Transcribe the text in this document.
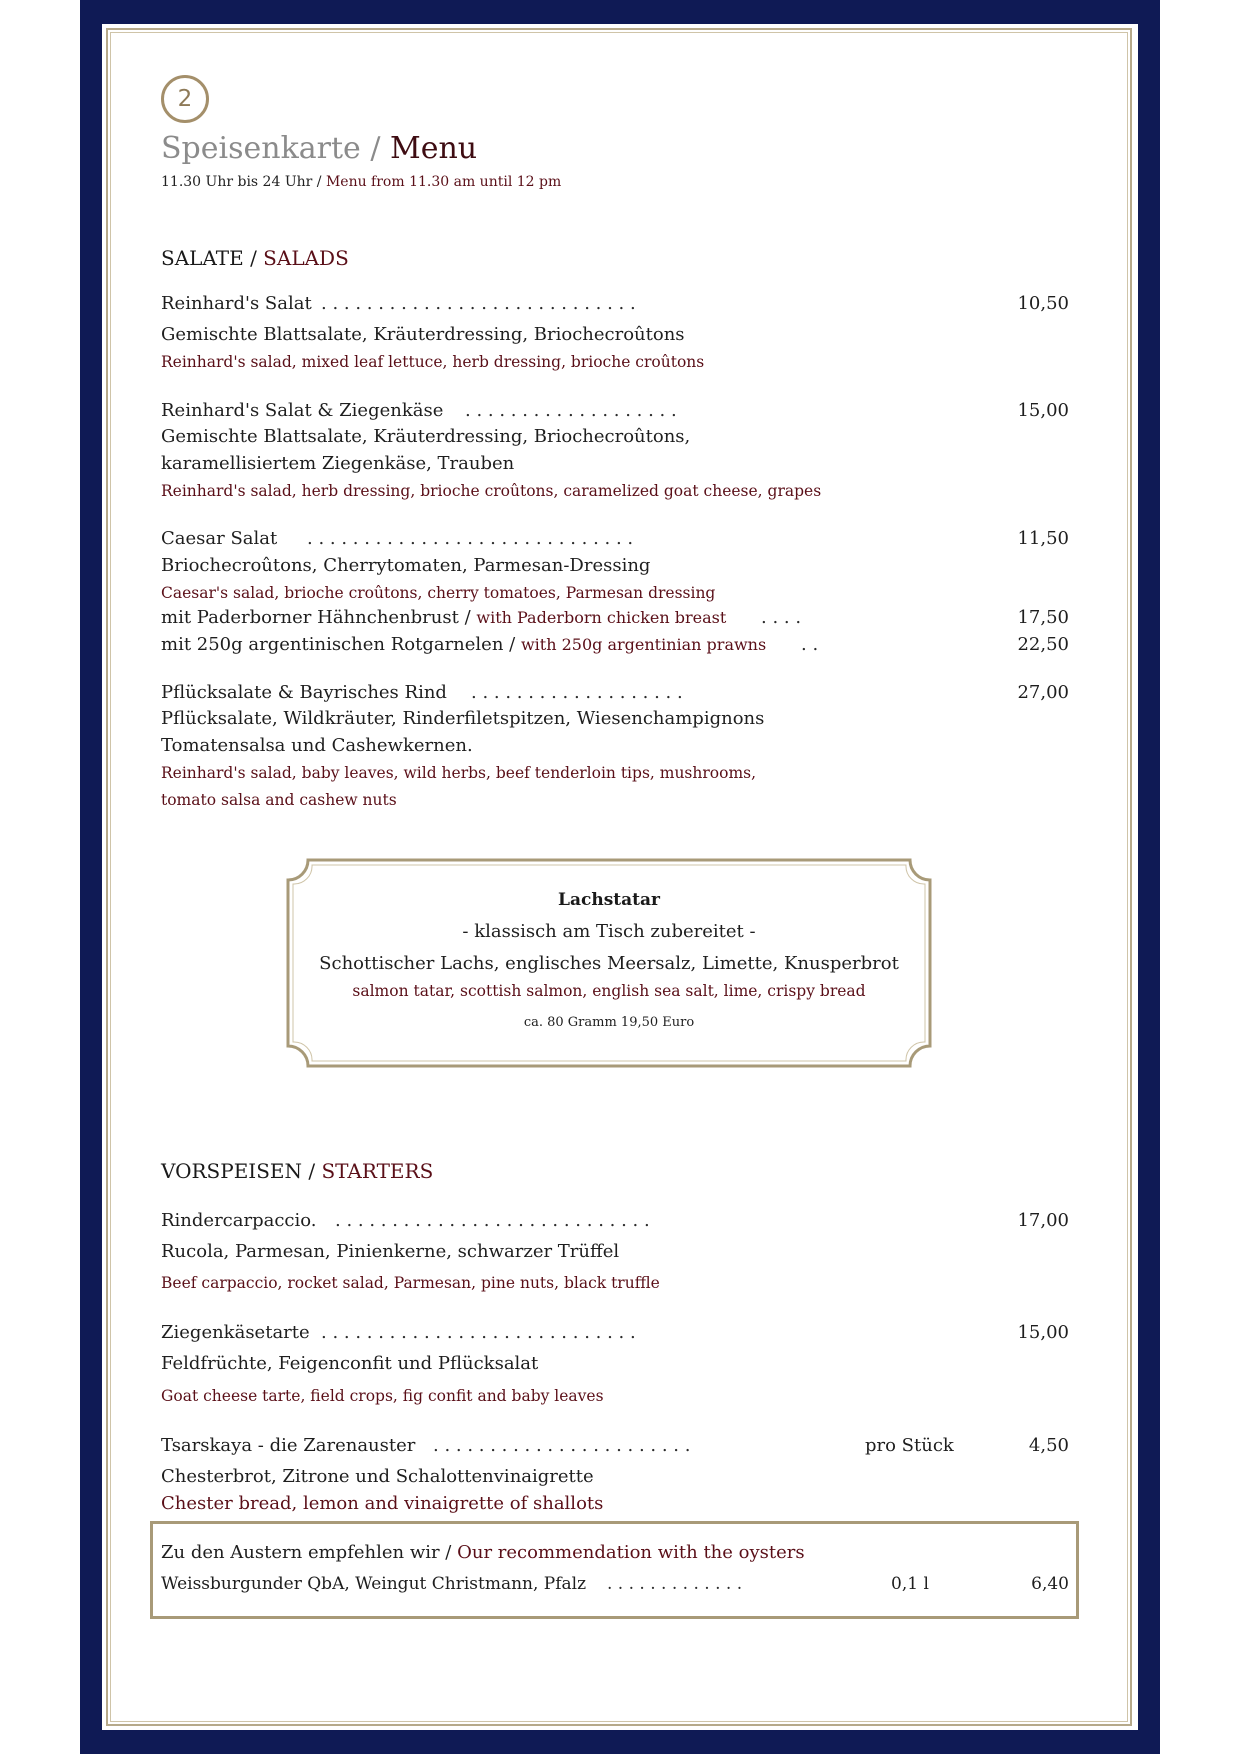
2
Speisenkarte / Menu
11.30 Uhr bis 24 Uhr / Menu from 11.30 am until 12 pm
SALATE / SALADS
Reinhard's Salat . . . . . . . . . . . . . . . . . . . . . . . . . . . .	10,50
Gemischte Blattsalate, Kräuterdressing, Briochecroûtons
Reinhard's salad, mixed leaf lettuce, herb dressing, brioche croûtons
Reinhard's Salat & Ziegenkäse . . . . . . . . . . . . . . . . . . .	15,00
Gemischte Blattsalate, Kräuterdressing, Briochecroûtons,
karamellisiertem Ziegenkäse, Trauben
Reinhard's salad, herb dressing, brioche croûtons, caramelized goat cheese, grapes
Caesar Salat . . . . . . . . . . . . . . . . . . . . . . . . . . . . .	11,50
Briochecroûtons, Cherrytomaten, Parmesan-Dressing
Caesar's salad, brioche croûtons, cherry tomatoes, Parmesan dressing
mit Paderborner Hähnchenbrust / with Paderborn chicken breast . . . .	17,50
mit 250g argentinischen Rotgarnelen / with 250g argentinian prawns . .	22,50
Pflücksalate & Bayrisches Rind . . . . . . . . . . . . . . . . . . .	27,00
Pflücksalate, Wildkräuter, Rinderfiletspitzen, Wiesenchampignons
Tomatensalsa und Cashewkernen.
Reinhard's salad, baby leaves, wild herbs, beef tenderloin tips, mushrooms,
tomato salsa and cashew nuts
Lachstatar
- klassisch am Tisch zubereitet -
Schottischer Lachs, englisches Meersalz, Limette, Knusperbrot
salmon tatar, scottish salmon, english sea salt, lime, crispy bread
ca. 80 Gramm 19,50 Euro
VORSPEISEN / STARTERS
Rindercarpaccio. . . . . . . . . . . . . . . . . . . . . . . . . . . . .	17,00
Rucola, Parmesan, Pinienkerne, schwarzer Trüffel
Beef carpaccio, rocket salad, Parmesan, pine nuts, black truffle
Ziegenkäsetarte . . . . . . . . . . . . . . . . . . . . . . . . . . . .	15,00
Feldfrüchte, Feigenconfit und Pflücksalat
Goat cheese tarte, field crops, fig confit and baby leaves
Tsarskaya - die Zarenauster . . . . . . . . . . . . . . . . . . . . . . .	pro Stück	4,50
Chesterbrot, Zitrone und Schalottenvinaigrette
Chester bread, lemon and vinaigrette of shallots
Zu den Austern empfehlen wir / Our recommendation with the oysters
Weissburgunder QbA, Weingut Christmann, Pfalz . . . . . . . . . . . . .	0,1 l	6,40
